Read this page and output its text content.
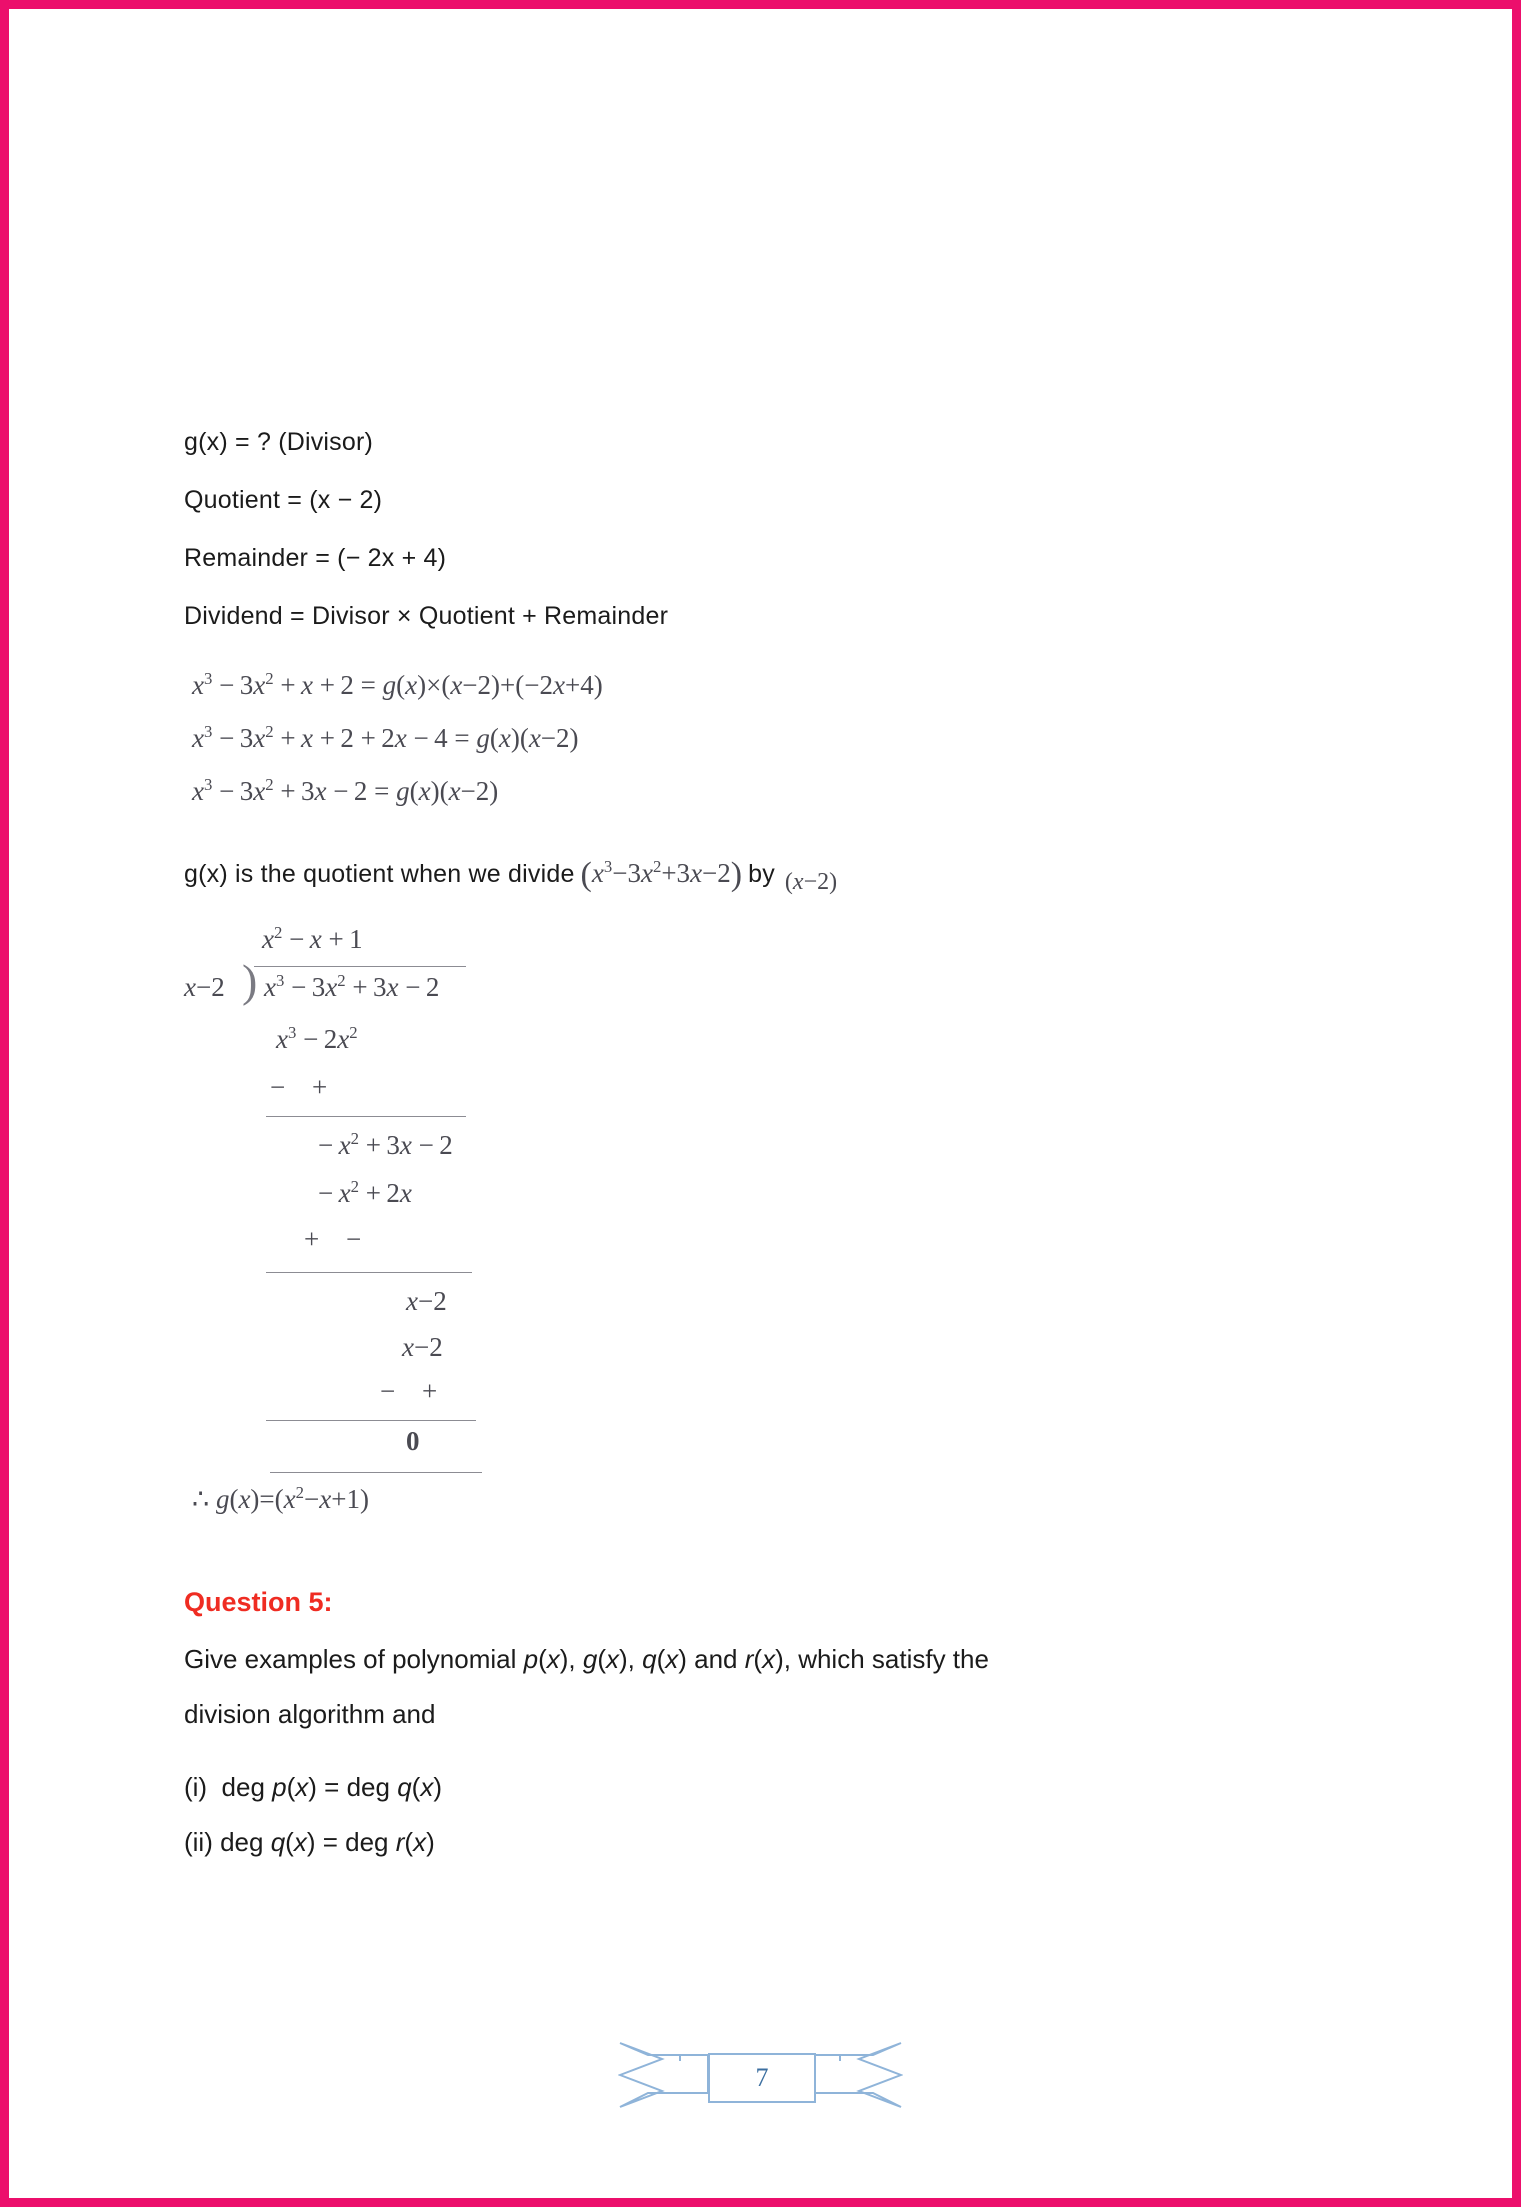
g(x) = ? (Divisor)
Quotient = (x − 2)
Remainder = (− 2x + 4)
Dividend = Divisor × Quotient + Remainder
$x^3 - 3x^2 + x + 2 = g(x)\times(x-2)+(-2x+4)$
$x^3 - 3x^2 + x + 2 + 2x - 4 = g(x)(x-2)$
$x^3 - 3x^2 + 3x - 2 = g(x)(x-2)$
g(x) is the quotient when we divide $(x^3-3x^2+3x-2)$ by (x−2)
$x^2 - x + 1$
x−2 ) $x^3 - 3x^2 + 3x - 2$
$x^3 - 2x^2$
− +
− $x^2 + 3x - 2$
− $x^2 + 2x$
+ −
x−2
x−2
− +
0
∴ $g(x)=(x^2-x+1)$
Question 5:
Give examples of polynomial p(x), g(x), q(x) and r(x), which satisfy the
division algorithm and
(i)  deg p(x) = deg q(x)
(ii) deg q(x) = deg r(x)
7
